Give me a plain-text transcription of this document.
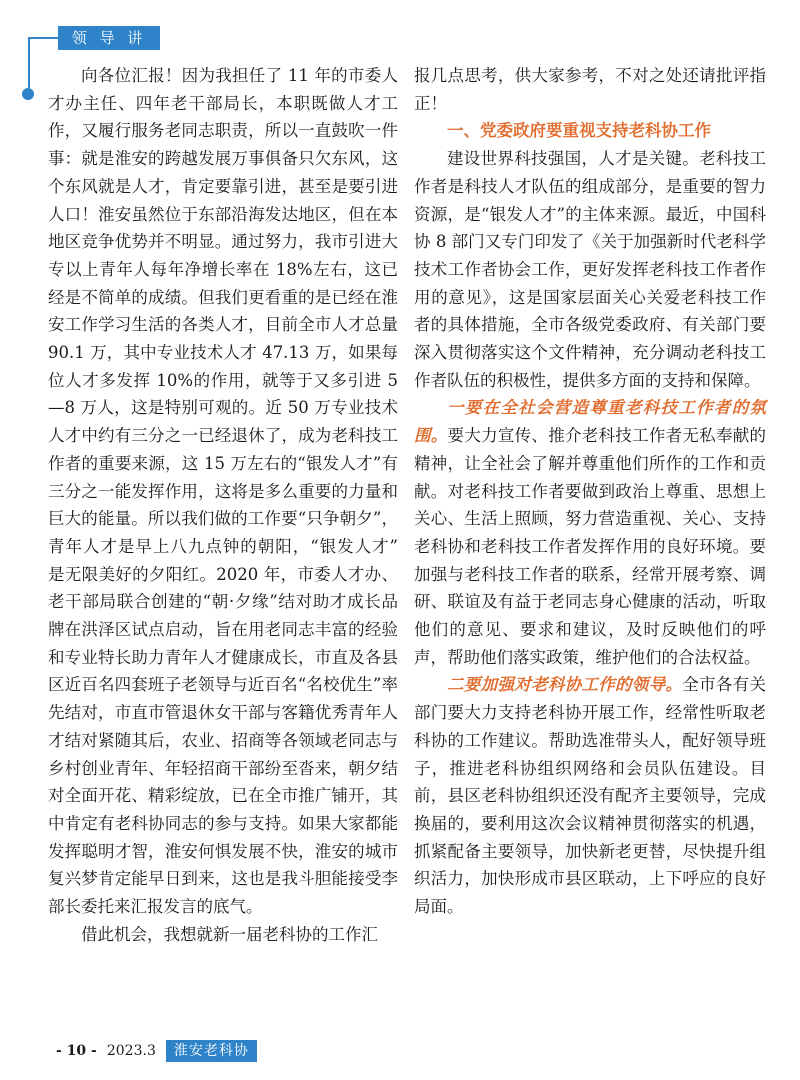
领 导 讲 话

向各位汇报！因为我担任了 11 年的市委人才办主任、四年老干部局长，本职既做人才工作，又履行服务老同志职责，所以一直鼓吹一件事：就是淮安的跨越发展万事俱备只欠东风，这个东风就是人才，肯定要靠引进，甚至是要引进人口！淮安虽然位于东部沿海发达地区，但在本地区竞争优势并不明显。通过努力，我市引进大专以上青年人每年净增长率在 18%左右，这已经是不简单的成绩。但我们更看重的是已经在淮安工作学习生活的各类人才，目前全市人才总量 90.1 万，其中专业技术人才 47.13 万，如果每位人才多发挥 10%的作用，就等于又多引进 5—8 万人，这是特别可观的。近 50 万专业技术人才中约有三分之一已经退休了，成为老科技工作者的重要来源，这 15 万左右的“银发人才”有三分之一能发挥作用，这将是多么重要的力量和巨大的能量。所以我们做的工作要“只争朝夕”，青年人才是早上八九点钟的朝阳，“银发人才” 是无限美好的夕阳红。2020 年，市委人才办、老干部局联合创建的“朝·夕缘”结对助才成长品牌在洪泽区试点启动，旨在用老同志丰富的经验和专业特长助力青年人才健康成长，市直及各县区近百名四套班子老领导与近百名“名校优生”率先结对，市直市管退休女干部与客籍优秀青年人才结对紧随其后，农业、招商等各领域老同志与乡村创业青年、年轻招商干部纷至沓来，朝夕结对全面开花、精彩绽放，已在全市推广铺开，其中肯定有老科协同志的参与支持。如果大家都能发挥聪明才智，淮安何惧发展不快，淮安的城市复兴梦肯定能早日到来，这也是我斗胆能接受李部长委托来汇报发言的底气。

借此机会，我想就新一届老科协的工作汇

报几点思考，供大家参考，不对之处还请批评指正！

一、党委政府要重视支持老科协工作

建设世界科技强国，人才是关键。老科技工作者是科技人才队伍的组成部分，是重要的智力资源，是“银发人才”的主体来源。最近，中国科协 8 部门又专门印发了《关于加强新时代老科学技术工作者协会工作，更好发挥老科技工作者作用的意见》，这是国家层面关心关爱老科技工作者的具体措施，全市各级党委政府、有关部门要深入贯彻落实这个文件精神，充分调动老科技工作者队伍的积极性，提供多方面的支持和保障。

一要在全社会营造尊重老科技工作者的氛围。要大力宣传、推介老科技工作者无私奉献的精神，让全社会了解并尊重他们所作的工作和贡献。对老科技工作者要做到政治上尊重、思想上关心、生活上照顾，努力营造重视、关心、支持老科协和老科技工作者发挥作用的良好环境。要加强与老科技工作者的联系，经常开展考察、调研、联谊及有益于老同志身心健康的活动，听取他们的意见、要求和建议，及时反映他们的呼声，帮助他们落实政策，维护他们的合法权益。

二要加强对老科协工作的领导。全市各有关部门要大力支持老科协开展工作，经常性听取老科协的工作建议。帮助选准带头人，配好领导班子，推进老科协组织网络和会员队伍建设。目前，县区老科协组织还没有配齐主要领导，完成换届的，要利用这次会议精神贯彻落实的机遇，抓紧配备主要领导，加快新老更替，尽快提升组织活力，加快形成市县区联动，上下呼应的良好局面。

- 10 - 2023.3	淮安老科协
